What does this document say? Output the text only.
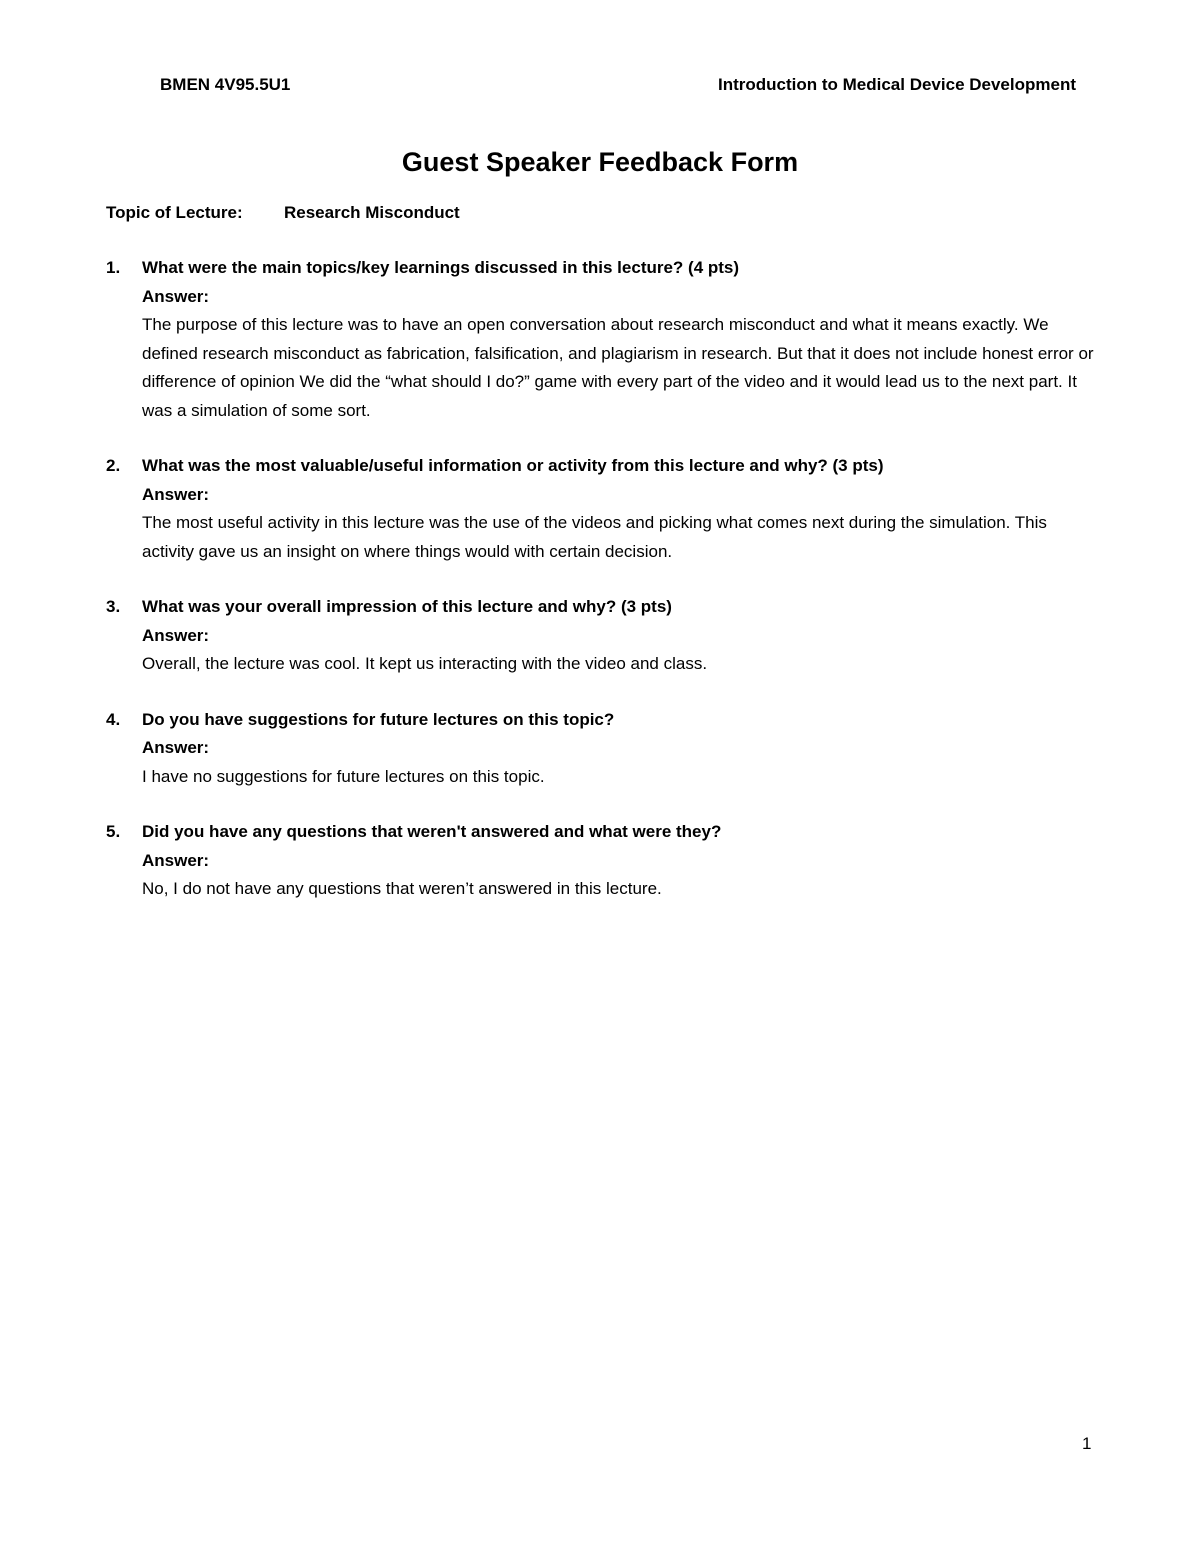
BMEN 4V95.5U1	Introduction to Medical Device Development
Guest Speaker Feedback Form
Topic of Lecture:	Research Misconduct
1.	What were the main topics/key learnings discussed in this lecture? (4 pts)
Answer:
The purpose of this lecture was to have an open conversation about research misconduct and what it means exactly. We defined research misconduct as fabrication, falsification, and plagiarism in research. But that it does not include honest error or difference of opinion We did the “what should I do?” game with every part of the video and it would lead us to the next part. It was a simulation of some sort.
2.	What was the most valuable/useful information or activity from this lecture and why? (3 pts)
Answer:
The most useful activity in this lecture was the use of the videos and picking what comes next during the simulation. This activity gave us an insight on where things would with certain decision.
3.	What was your overall impression of this lecture and why? (3 pts)
Answer:
Overall, the lecture was cool. It kept us interacting with the video and class.
4.	Do you have suggestions for future lectures on this topic?
Answer:
I have no suggestions for future lectures on this topic.
5.	Did you have any questions that weren't answered and what were they?
Answer:
No, I do not have any questions that weren’t answered in this lecture.
1
